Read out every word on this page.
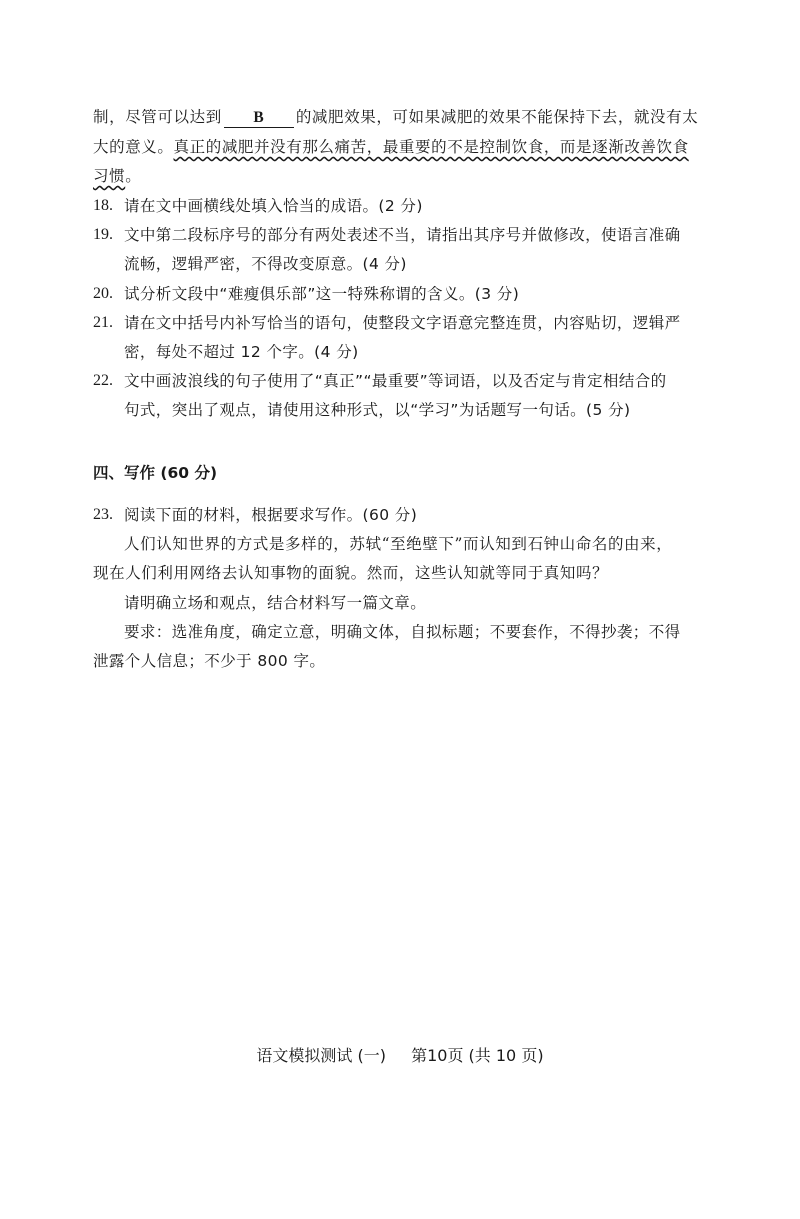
制，尽管可以达到 B 的减肥效果，可如果减肥的效果不能保持下去，就没有太
大的意义。真正的减肥并没有那么痛苦，最重要的不是控制饮食，而是逐渐改善饮食
习惯。
18. 请在文中画横线处填入恰当的成语。(2 分)
19. 文中第二段标序号的部分有两处表述不当，请指出其序号并做修改，使语言准确
流畅，逻辑严密，不得改变原意。(4 分)
20. 试分析文段中“难瘦俱乐部”这一特殊称谓的含义。(3 分)
21. 请在文中括号内补写恰当的语句，使整段文字语意完整连贯，内容贴切，逻辑严
密，每处不超过 12 个字。(4 分)
22. 文中画波浪线的句子使用了“真正”“最重要”等词语，以及否定与肯定相结合的
句式，突出了观点，请使用这种形式，以“学习”为话题写一句话。(5 分)
四、写作 (60 分)
23. 阅读下面的材料，根据要求写作。(60 分)
人们认知世界的方式是多样的，苏轼“至绝壁下”而认知到石钟山命名的由来，
现在人们利用网络去认知事物的面貌。然而，这些认知就等同于真知吗？
请明确立场和观点，结合材料写一篇文章。
要求：选准角度，确定立意，明确文体，自拟标题；不要套作，不得抄袭；不得
泄露个人信息；不少于 800 字。
语文模拟测试 (一) 第10页 (共 10 页)
